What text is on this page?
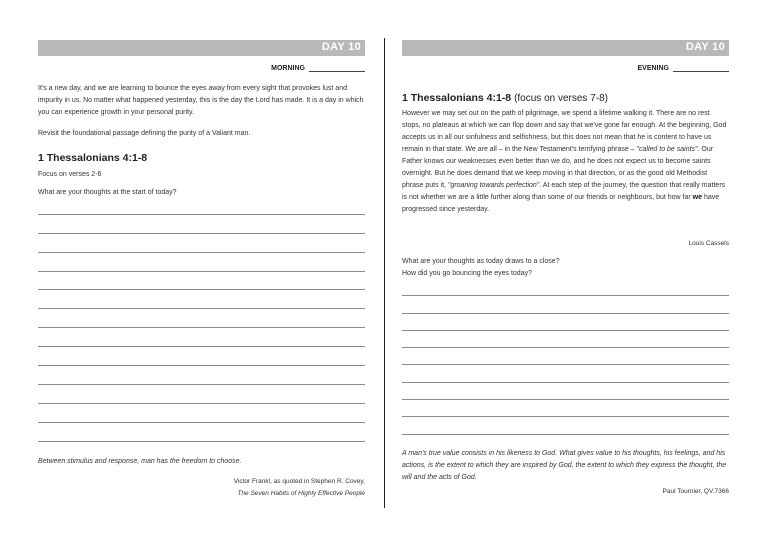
DAY 10
MORNING
It's a new day, and we are learning to bounce the eyes away from every sight that provokes lust and impurity in us. No matter what happened yesterday, this is the day the Lord has made. It is a day in which you can experience growth in your personal purity.
Revisit the foundational passage defining the purity of a Valiant man.
1 Thessalonians 4:1-8
Focus on verses 2-6
What are your thoughts at the start of today?
Between stimulus and response, man has the freedom to choose.
Victor Frankl, as quoted in Stephen R. Covey,
The Seven Habits of Highly Effective People
DAY 10
EVENING
1 Thessalonians 4:1-8 (focus on verses 7-8)
However we may set out on the path of pilgrimage, we spend a lifetime walking it. There are no rest stops, no plateaus at which we can flop down and say that we've gone far enough. At the beginning, God accepts us in all our sinfulness and selfishness, but this does not mean that he is content to have us remain in that state. We are all – in the New Testament's terrifying phrase – "called to be saints". Our Father knows our weaknesses even better than we do, and he does not expect us to become saints overnight. But he does demand that we keep moving in that direction, or as the good old Methodist phrase puts it, "groaning towards perfection". At each step of the journey, the question that really matters is not whether we are a little further along than some of our friends or neighbours, but how far we have progressed since yesterday.
Louis Cassels
What are your thoughts as today draws to a close?
How did you go bouncing the eyes today?
A man's true value consists in his likeness to God. What gives value to his thoughts, his feelings, and his actions, is the extent to which they are inspired by God, the extent to which they express the thought, the will and the acts of God.
Paul Tournier, QV.7366
